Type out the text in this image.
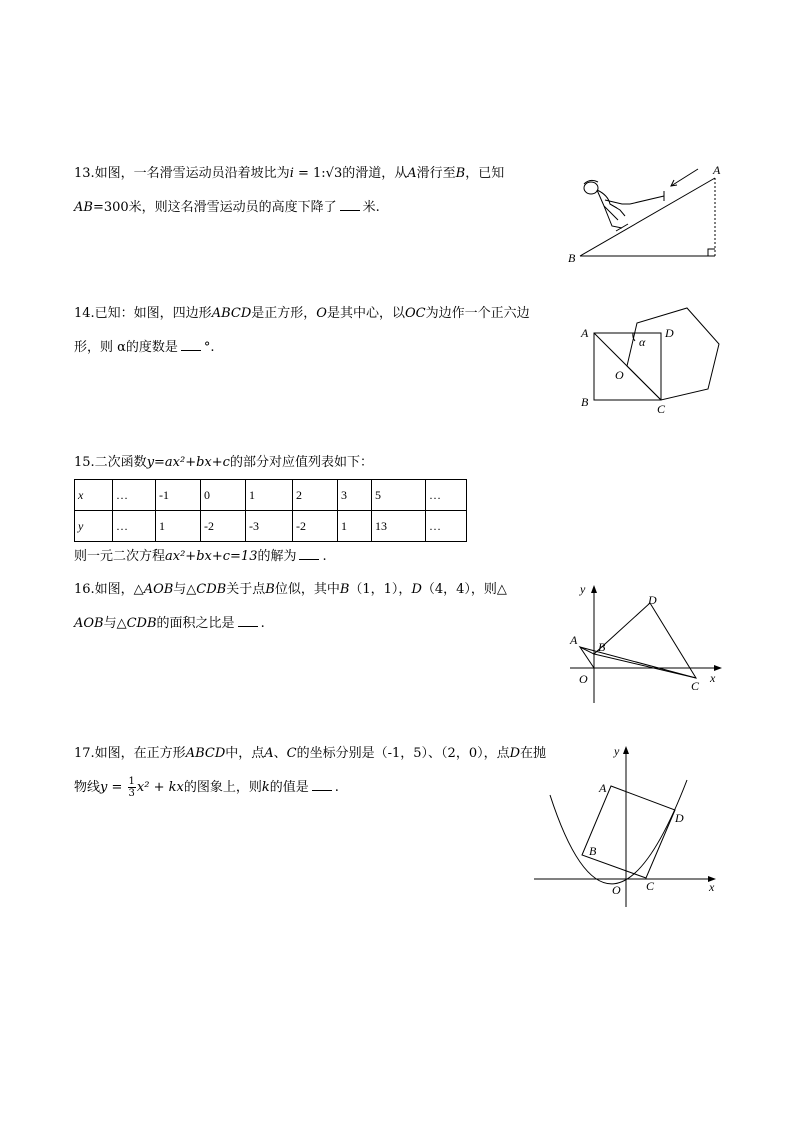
13.如图，一名滑雪运动员沿着坡比为i = 1:√3的滑道，从A滑行至B，已知
AB=300米，则这名滑雪运动员的高度下降了 米.
A
B
14.已知：如图，四边形ABCD是正方形，O是其中心，以OC为边作一个正六边形，则 α的度数是 °.
A
B	C
D
O
α
15.二次函数y=ax²+bx+c的部分对应值列表如下：
x	…	-1	0	1	2	3	5	…
y	…	1	-2	-3	-2	1	13	…
则一元二次方程ax²+bx+c=13的解为 .
16.如图，△AOB与△CDB关于点B位似，其中B（1，1），D（4，4），则△
AOB与△CDB的面积之比是 .
y
x
A B
C
D
O
17.如图，在正方形ABCD中，点A、C的坐标分别是（-1，5）、（2，0），点D在抛物线$y = \frac{1}{3} x^2$ + kx的图象上，则k的值是 .
y
x
A
B
C
D
O
